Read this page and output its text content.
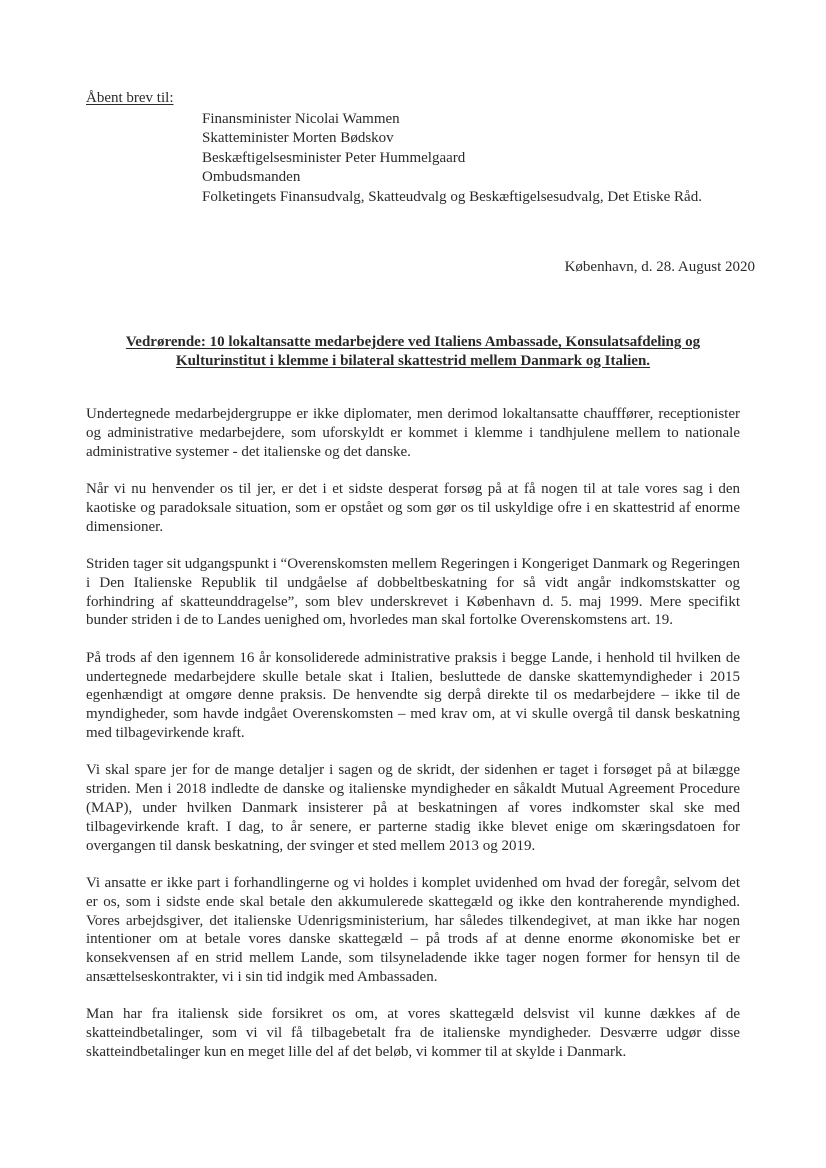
Åbent brev til:
Finansminister Nicolai Wammen
Skatteminister Morten Bødskov
Beskæftigelsesminister Peter Hummelgaard
Ombudsmanden
Folketingets Finansudvalg, Skatteudvalg og Beskæftigelsesudvalg, Det Etiske Råd.
København, d. 28. August 2020
Vedrørende: 10 lokaltansatte medarbejdere ved Italiens Ambassade, Konsulatsafdeling og
Kulturinstitut i klemme i bilateral skattestrid mellem Danmark og Italien.

Undertegnede medarbejdergruppe er ikke diplomater, men derimod lokaltansatte chaufffører, receptionister og administrative medarbejdere, som uforskyldt er kommet i klemme i tandhjulene mellem to nationale administrative systemer - det italienske og det danske.

Når vi nu henvender os til jer, er det i et sidste desperat forsøg på at få nogen til at tale vores sag i den kaotiske og paradoksale situation, som er opstået og som gør os til uskyldige ofre i en skattestrid af enorme dimensioner.

Striden tager sit udgangspunkt i “Overenskomsten mellem Regeringen i Kongeriget Danmark og Regeringen i Den Italienske Republik til undgåelse af dobbeltbeskatning for så vidt angår indkomstskatter og forhindring af skatteunddragelse”, som blev underskrevet i København d. 5. maj 1999. Mere specifikt bunder striden i de to Landes uenighed om, hvorledes man skal fortolke Overenskomstens art. 19.

På trods af den igennem 16 år konsoliderede administrative praksis i begge Lande, i henhold til hvilken de undertegnede medarbejdere skulle betale skat i Italien, besluttede de danske skattemyndigheder i 2015 egenhændigt at omgøre denne praksis. De henvendte sig derpå direkte til os medarbejdere – ikke til de myndigheder, som havde indgået Overenskomsten – med krav om, at vi skulle overgå til dansk beskatning med tilbagevirkende kraft.

Vi skal spare jer for de mange detaljer i sagen og de skridt, der sidenhen er taget i forsøget på at bilægge striden. Men i 2018 indledte de danske og italienske myndigheder en såkaldt Mutual Agreement Procedure (MAP), under hvilken Danmark insisterer på at beskatningen af vores indkomster skal ske med tilbagevirkende kraft. I dag, to år senere, er parterne stadig ikke blevet enige om skæringsdatoen for overgangen til dansk beskatning, der svinger et sted mellem 2013 og 2019.

Vi ansatte er ikke part i forhandlingerne og vi holdes i komplet uvidenhed om hvad der foregår, selvom det er os, som i sidste ende skal betale den akkumulerede skattegæld og ikke den kontraherende myndighed. Vores arbejdsgiver, det italienske Udenrigsministerium, har således tilkendegivet, at man ikke har nogen intentioner om at betale vores danske skattegæld – på trods af at denne enorme økonomiske bet er konsekvensen af en strid mellem Lande, som tilsyneladende ikke tager nogen former for hensyn til de ansættelseskontrakter, vi i sin tid indgik med Ambassaden.

Man har fra italiensk side forsikret os om, at vores skattegæld delsvist vil kunne dækkes af de skatteindbetalinger, som vi vil få tilbagebetalt fra de italienske myndigheder. Desværre udgør disse skatteindbetalinger kun en meget lille del af det beløb, vi kommer til at skylde i Danmark.
